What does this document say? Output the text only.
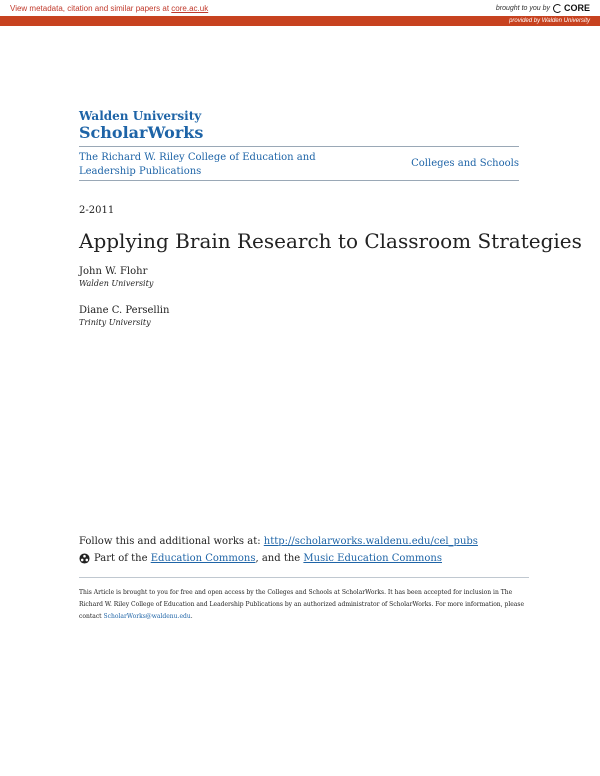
View metadata, citation and similar papers at core.ac.uk	brought to you by CORE
provided by Walden University
Walden University
ScholarWorks
The Richard W. Riley College of Education and Leadership Publications
Colleges and Schools
2-2011
Applying Brain Research to Classroom Strategies
John W. Flohr
Walden University
Diane C. Persellin
Trinity University
Follow this and additional works at: http://scholarworks.waldenu.edu/cel_pubs
Part of the Education Commons, and the Music Education Commons
This Article is brought to you for free and open access by the Colleges and Schools at ScholarWorks. It has been accepted for inclusion in The Richard W. Riley College of Education and Leadership Publications by an authorized administrator of ScholarWorks. For more information, please contact ScholarWorks@waldenu.edu.
